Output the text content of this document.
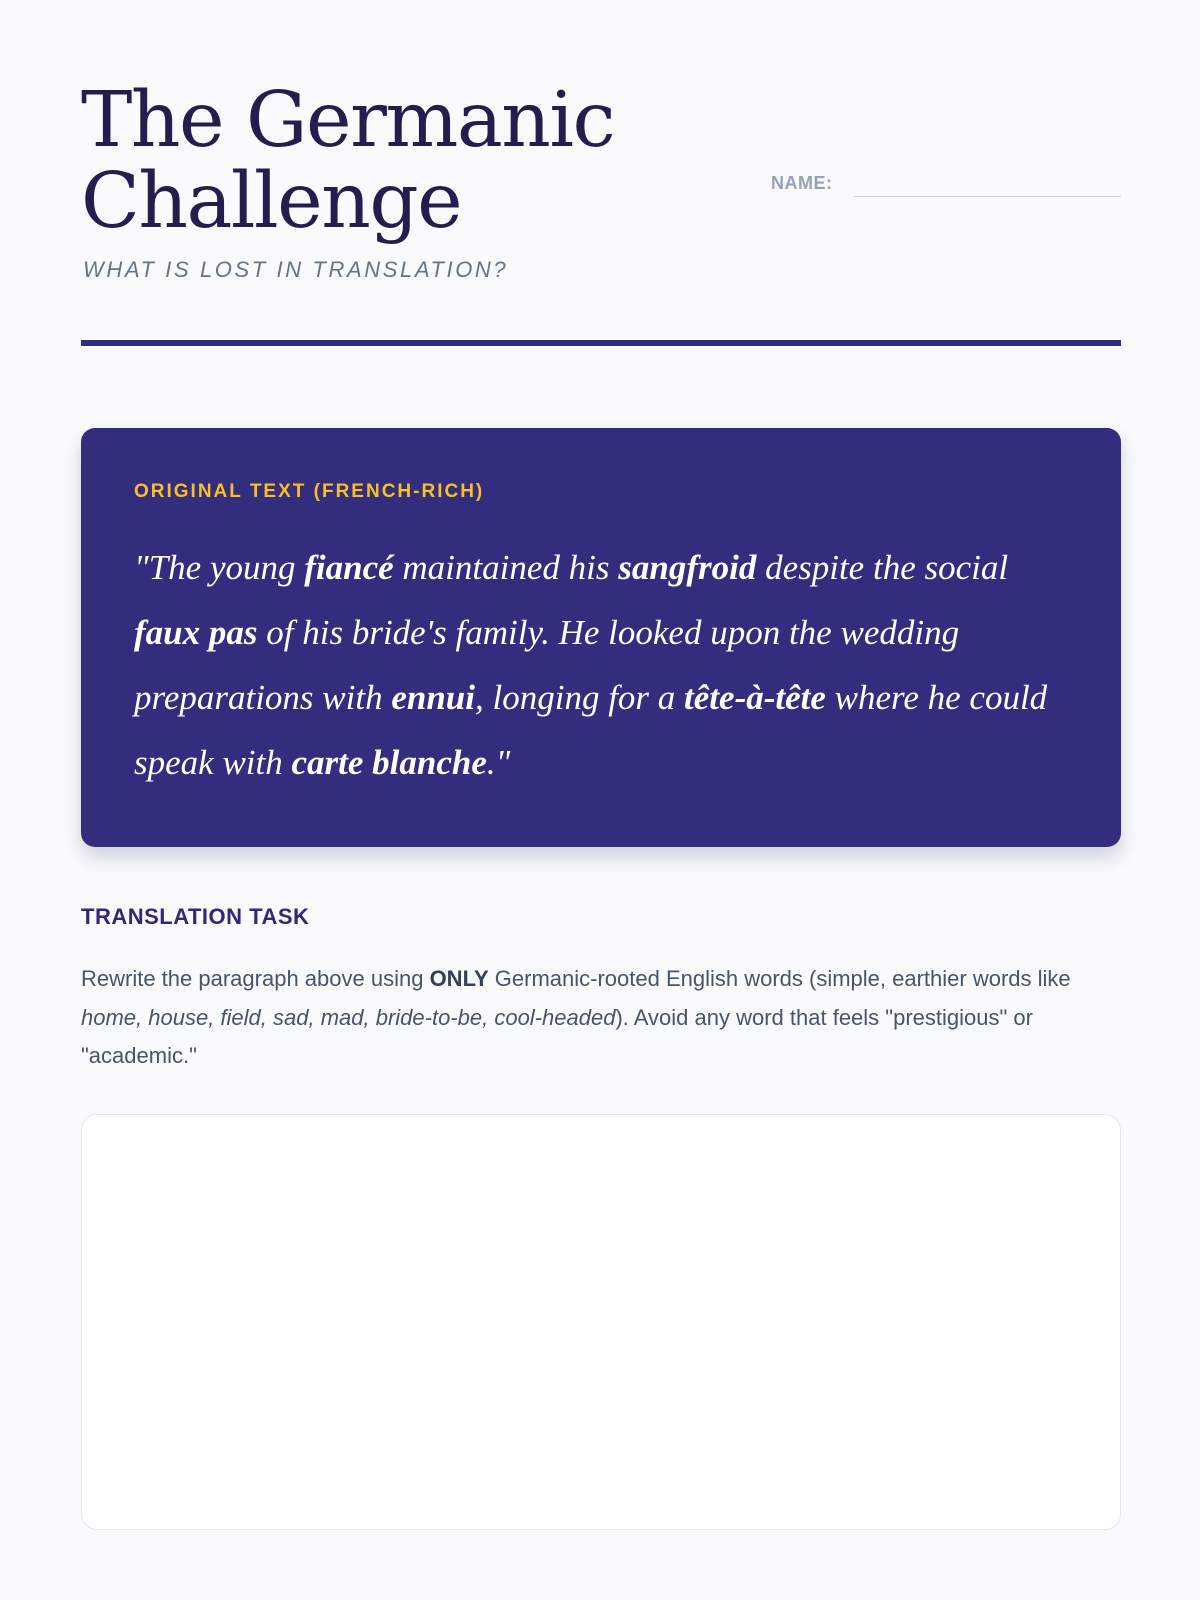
The Germanic Challenge
WHAT IS LOST IN TRANSLATION?
NAME:
ORIGINAL TEXT (FRENCH-RICH)

"The young fiancé maintained his sangfroid despite the social faux pas of his bride's family. He looked upon the wedding preparations with ennui, longing for a tête-à-tête where he could speak with carte blanche."

TRANSLATION TASK

Rewrite the paragraph above using ONLY Germanic-rooted English words (simple, earthier words like home, house, field, sad, mad, bride-to-be, cool-headed). Avoid any word that feels "prestigious" or "academic."
